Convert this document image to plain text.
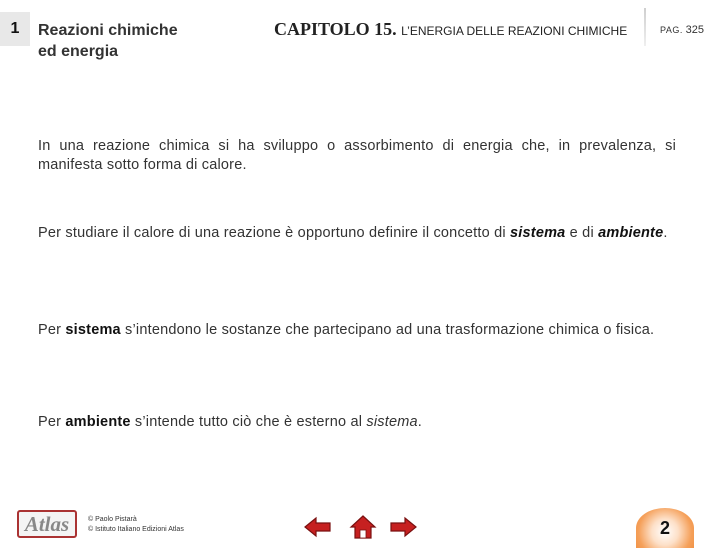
1 Reazioni chimiche
ed energia
CAPITOLO 15. L’ENERGIA DELLE REAZIONI CHIMICHE	PAG. 325
In una reazione chimica si ha sviluppo o assorbimento di energia che, in prevalenza, si manifesta sotto forma di calore.
Per studiare il calore di una reazione è opportuno definire il concetto di sistema e di ambiente.
Per sistema s’intendono le sostanze che partecipano ad una trasformazione chimica o fisica.
Per ambiente s’intende tutto ciò che è esterno al sistema.
Atlas	© Paolo Pistarà
© Istituto Italiano Edizioni Atlas	2
